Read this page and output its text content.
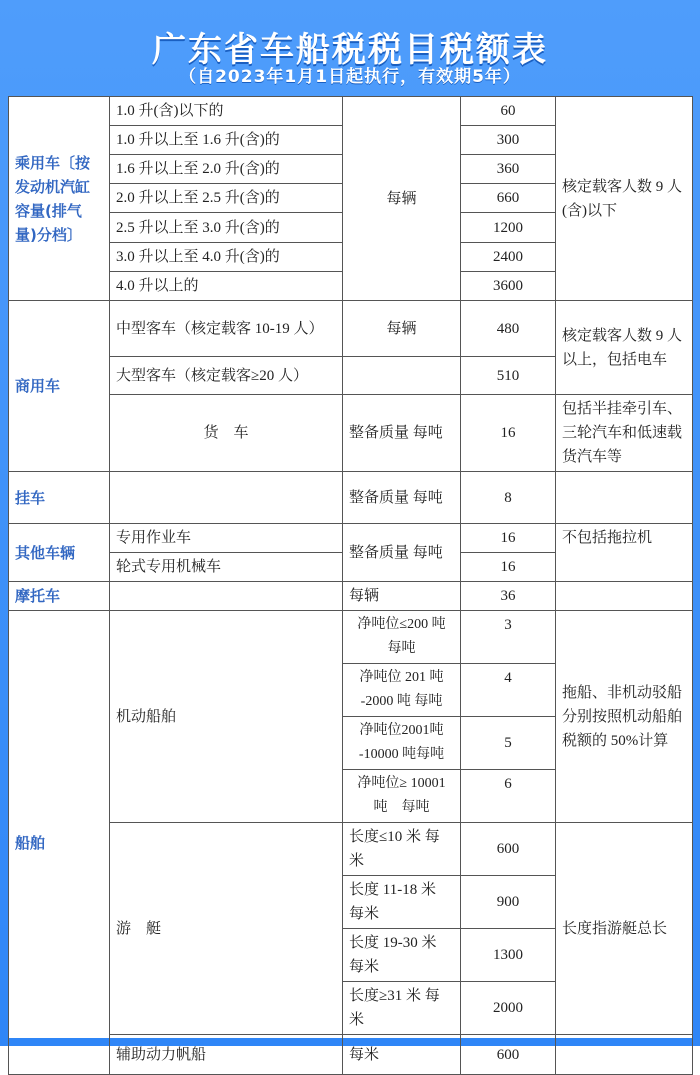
广东省车船税税目税额表
（自2023年1月1日起执行，有效期5年）
乘用车〔按发动机汽缸容量(排气量)分档〕	1.0 升(含)以下的	每辆	60	核定载客人数 9 人(含)以下
	1.0 升以上至 1.6 升(含)的		300	
	1.6 升以上至 2.0 升(含)的		360	
	2.0 升以上至 2.5 升(含)的		660	
	2.5 升以上至 3.0 升(含)的		1200	
	3.0 升以上至 4.0 升(含)的		2400	
	4.0 升以上的		3600	
商用车	中型客车（核定载客 10-19 人）	每辆	480	核定载客人数 9 人以上，包括电车
	大型客车（核定载客≥20 人）		510	
	货　车	整备质量 每吨	16	包括半挂牵引车、三轮汽车和低速载货汽车等
挂车		整备质量 每吨	8	
其他车辆	专用作业车	整备质量 每吨	16	不包括拖拉机
	轮式专用机械车		16	
摩托车		每辆	36	
船舶	机动船舶	净吨位≤200 吨　每吨	3	拖船、非机动驳船分别按照机动船舶税额的 50%计算
		净吨位 201 吨 -2000 吨 每吨	4	
		净吨位2001吨 -10000 吨每吨	5	
		净吨位≥ 10001 吨　每吨	6	
	游　艇	长度≤10 米 每米	600	长度指游艇总长
		长度 11-18 米 每米	900	
		长度 19-30 米 每米	1300	
		长度≥31 米 每米	2000	
	辅助动力帆船	每米	600	
